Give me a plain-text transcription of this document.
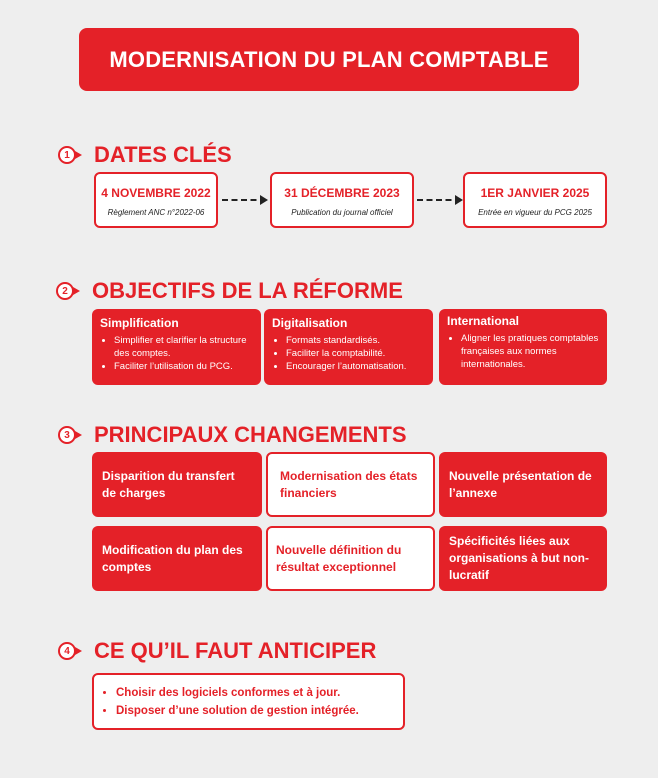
MODERNISATION DU PLAN COMPTABLE
1 DATES CLÉS
4 NOVEMBRE 2022
Règlement ANC n°2022-06
31 DÉCEMBRE 2023
Publication du journal officiel
1ER JANVIER 2025
Entrée en vigueur du PCG 2025
2 OBJECTIFS DE LA RÉFORME
Simplification
• Simplifier et clarifier la structure des comptes.
• Faciliter l’utilisation du PCG.
Digitalisation
• Formats standardisés.
• Faciliter la comptabilité.
• Encourager l’automatisation.
International
• Aligner les pratiques comptables françaises aux normes internationales.
3 PRINCIPAUX CHANGEMENTS
Disparition du transfert de charges
Modernisation des états financiers
Nouvelle présentation de l’annexe
Modification du plan des comptes
Nouvelle définition du résultat exceptionnel
Spécificités liées aux organisations à but non-lucratif
4 CE QU’IL FAUT ANTICIPER
• Choisir des logiciels conformes et à jour.
• Disposer d’une solution de gestion intégrée.
